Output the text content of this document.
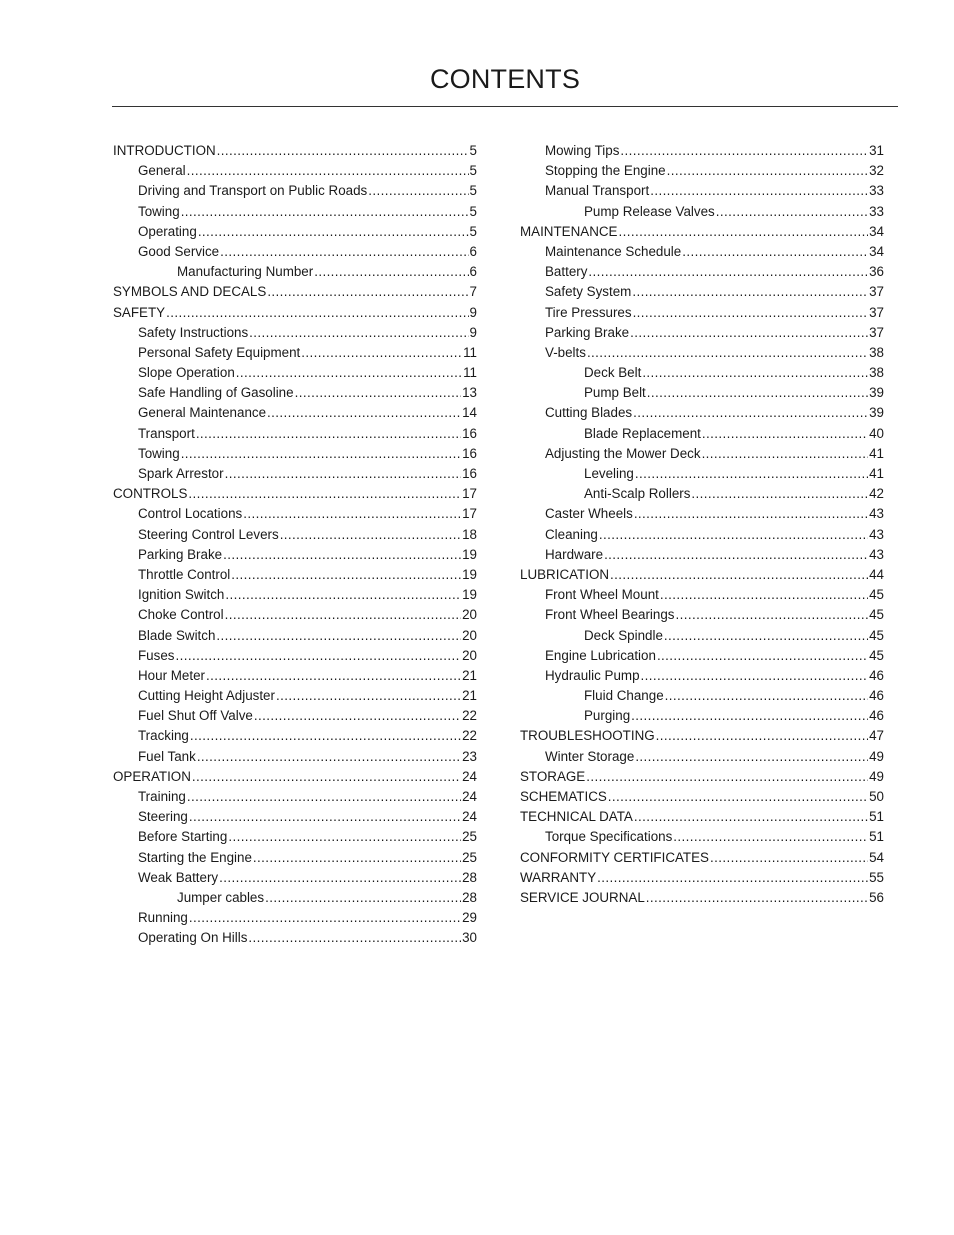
CONTENTS
INTRODUCTION .....	5
General .....	5
Driving and Transport on Public Roads .....	5
Towing .....	5
Operating .....	5
Good Service .....	6
Manufacturing Number .....	6
SYMBOLS AND DECALS .....	7
SAFETY .....	9
Safety Instructions .....	9
Personal Safety Equipment .....	11
Slope Operation .....	11
Safe Handling of Gasoline .....	13
General Maintenance .....	14
Transport .....	16
Towing .....	16
Spark Arrestor .....	16
CONTROLS .....	17
Control Locations .....	17
Steering Control Levers .....	18
Parking Brake .....	19
Throttle Control .....	19
Ignition Switch .....	19
Choke Control .....	20
Blade Switch .....	20
Fuses .....	20
Hour Meter .....	21
Cutting Height Adjuster .....	21
Fuel Shut Off Valve .....	22
Tracking .....	22
Fuel Tank .....	23
OPERATION .....	24
Training .....	24
Steering .....	24
Before Starting .....	25
Starting the Engine .....	25
Weak Battery .....	28
Jumper cables .....	28
Running .....	29
Operating On Hills .....	30
Mowing Tips .....	31
Stopping the Engine .....	32
Manual Transport .....	33
Pump Release Valves .....	33
MAINTENANCE .....	34
Maintenance Schedule .....	34
Battery .....	36
Safety System .....	37
Tire Pressures .....	37
Parking Brake .....	37
V-belts .....	38
Deck Belt .....	38
Pump Belt .....	39
Cutting Blades .....	39
Blade Replacement .....	40
Adjusting the Mower Deck .....	41
Leveling .....	41
Anti-Scalp Rollers .....	42
Caster Wheels .....	43
Cleaning .....	43
Hardware .....	43
LUBRICATION .....	44
Front Wheel Mount .....	45
Front Wheel Bearings .....	45
Deck Spindle .....	45
Engine Lubrication .....	45
Hydraulic Pump .....	46
Fluid Change .....	46
Purging .....	46
TROUBLESHOOTING .....	47
Winter Storage .....	49
STORAGE .....	49
SCHEMATICS .....	50
TECHNICAL DATA .....	51
Torque Specifications .....	51
CONFORMITY CERTIFICATES .....	54
WARRANTY .....	55
SERVICE JOURNAL .....	56
